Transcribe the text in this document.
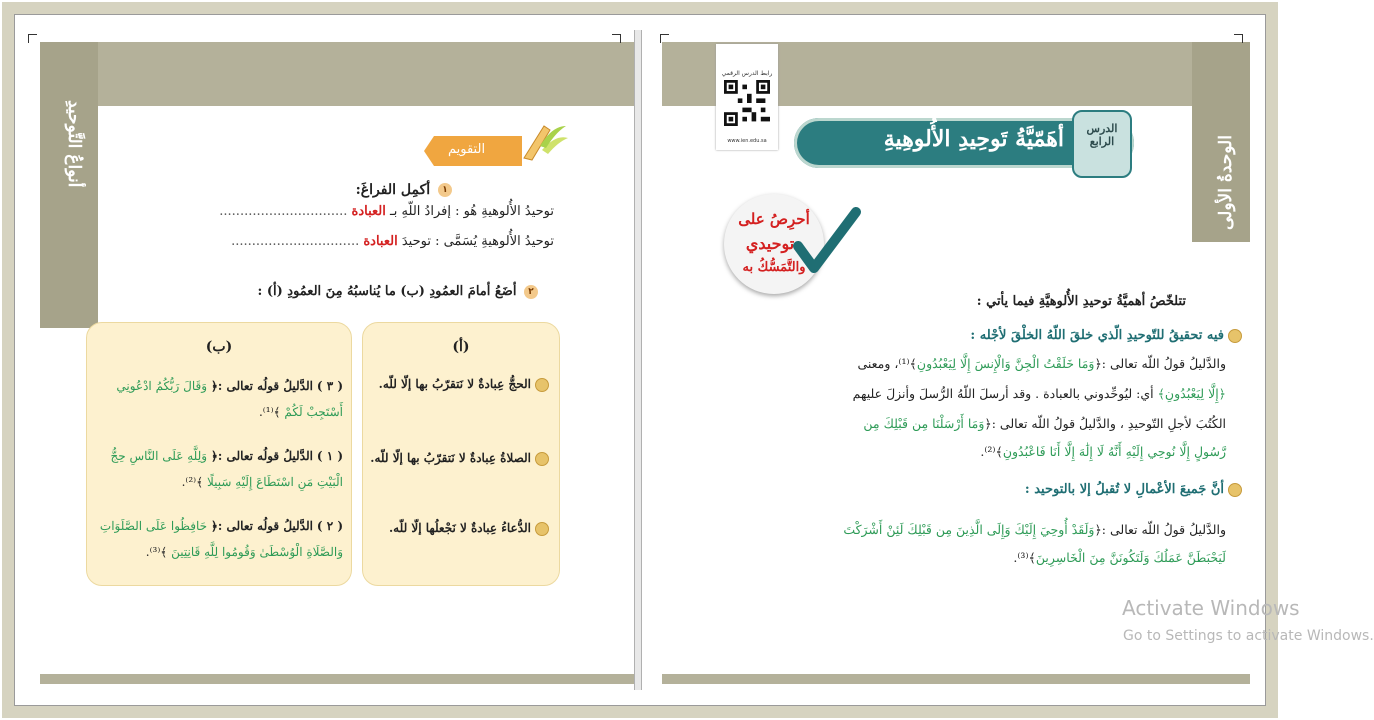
أنواعُ التَّوحيدِ	التقويم
١ أكمِل الفراغَ:
توحيدُ الأُلوهيةِ هُو : إفرادُ اللّهِ بـ العبادة ...............................
توحيدُ الأُلوهيةِ يُسَمَّى : توحيدَ العبادة ...............................
٢ أضَعُ أمامَ العمُودِ (ب) ما يُناسبُهُ مِنَ العمُودِ (أ) :
(أ)
الحجُّ عِبادةٌ لا نَتقرّبُ بها إلّا للّه.
الصلاةُ عِبادةٌ لا نَتقرّبُ بها إلّا للّه.
الدُّعاءُ عِبادةٌ لا نَجْعلُها إلّا للّه.
(ب)
( ٣ ) الدَّليلُ قولُه تعالى :﴿ وَقَالَ رَبُّكُمُ ادْعُونِي أَسْتَجِبْ لَكُمْ ﴾⁽¹⁾.
( ١ ) الدَّليلُ قولُه تعالى :﴿ وَلِلَّهِ عَلَى النَّاسِ حِجُّ الْبَيْتِ مَنِ اسْتَطَاعَ إِلَيْهِ سَبِيلًا ﴾⁽²⁾.
( ٢ ) الدَّليلُ قولُه تعالى :﴿ حَافِظُوا عَلَى الصَّلَوَاتِ وَالصَّلَاةِ الْوُسْطَىٰ وَقُومُوا لِلَّهِ قَانِتِينَ ﴾⁽³⁾.
الوحدةُ الأولى
رابط الدرس الرقمي
www.ien.edu.sa	أهَمّيَّةُ تَوحِيدِ الأُلوهِيةِ	الدرس
الرابع
أحرِصُ على
توحيدي
والتَّمَسُّكُ به
تتلخّصُ أهميَّةُ توحيدِ الأُلوهيَّةِ فيما يأتي :
فيه تحقيقُ للتّوحيدِ الّذي خلقَ اللّهُ الخلْقَ لأجْله :
والدَّليلُ قولُ اللّه تعالى :﴿وَمَا خَلَقْتُ الْجِنَّ وَالْإِنسَ إِلَّا لِيَعْبُدُونِ﴾⁽¹⁾، ومعنى
﴿إِلَّا لِيَعْبُدُونِ﴾ أي: ليُوحِّدوني بالعبادة . وقد أرسلَ اللّهُ الرُّسلَ وأنزلَ عليهم
الكُتُبَ لأجلِ التّوحيدِ ، والدَّليلُ قولُ اللّه تعالى :﴿وَمَا أَرْسَلْنَا مِن قَبْلِكَ مِن
رَّسُولٍ إِلَّا نُوحِي إِلَيْهِ أَنَّهُ لَا إِلَٰهَ إِلَّا أَنَا فَاعْبُدُونِ﴾⁽²⁾.
أنَّ جَميعَ الأعْمالِ لا تُقبلُ إلا بالتوحيد :
والدَّليلُ قولُ اللّه تعالى :﴿وَلَقَدْ أُوحِيَ إِلَيْكَ وَإِلَى الَّذِينَ مِن قَبْلِكَ لَئِنْ أَشْرَكْتَ
لَيَحْبَطَنَّ عَمَلُكَ وَلَتَكُونَنَّ مِنَ الْخَاسِرِينَ﴾⁽³⁾.
Activate Windows
Go to Settings to activate Windows.
